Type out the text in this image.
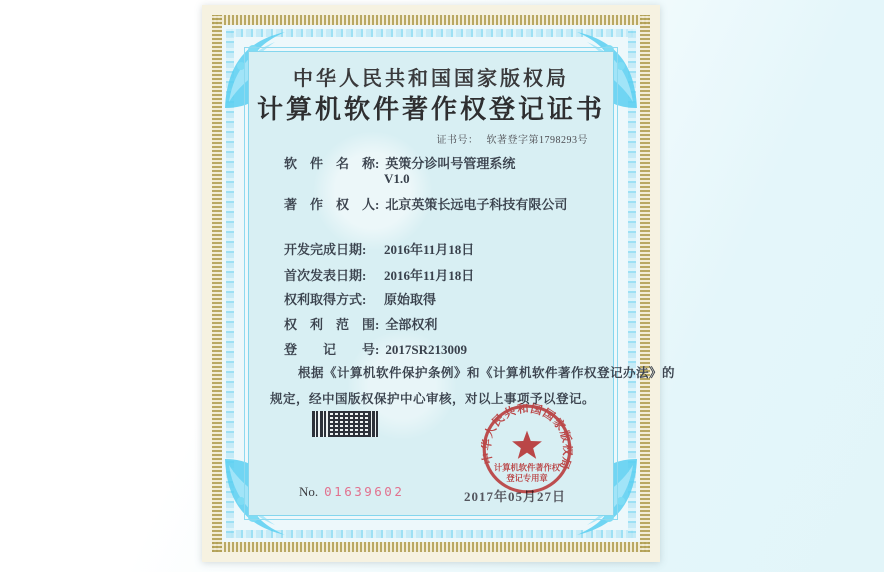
中华人民共和国国家版权局
计算机软件著作权登记证书
证书号： 软著登字第1798293号
软　件　名　称: 英策分诊叫号管理系统
V1.0
著　作　权　人: 北京英策长远电子科技有限公司
开发完成日期: 2016年11月18日
首次发表日期: 2016年11月18日
权利取得方式: 原始取得
权　利　范　围: 全部权利
登　　记　　号: 2017SR213009
根据《计算机软件保护条例》和《计算机软件著作权登记办法》的
规定，经中国版权保护中心审核，对以上事项予以登记。
2017年05月27日
中华人民共和国国家版权局
计算机软件著作权
登记专用章
No. 01639602
